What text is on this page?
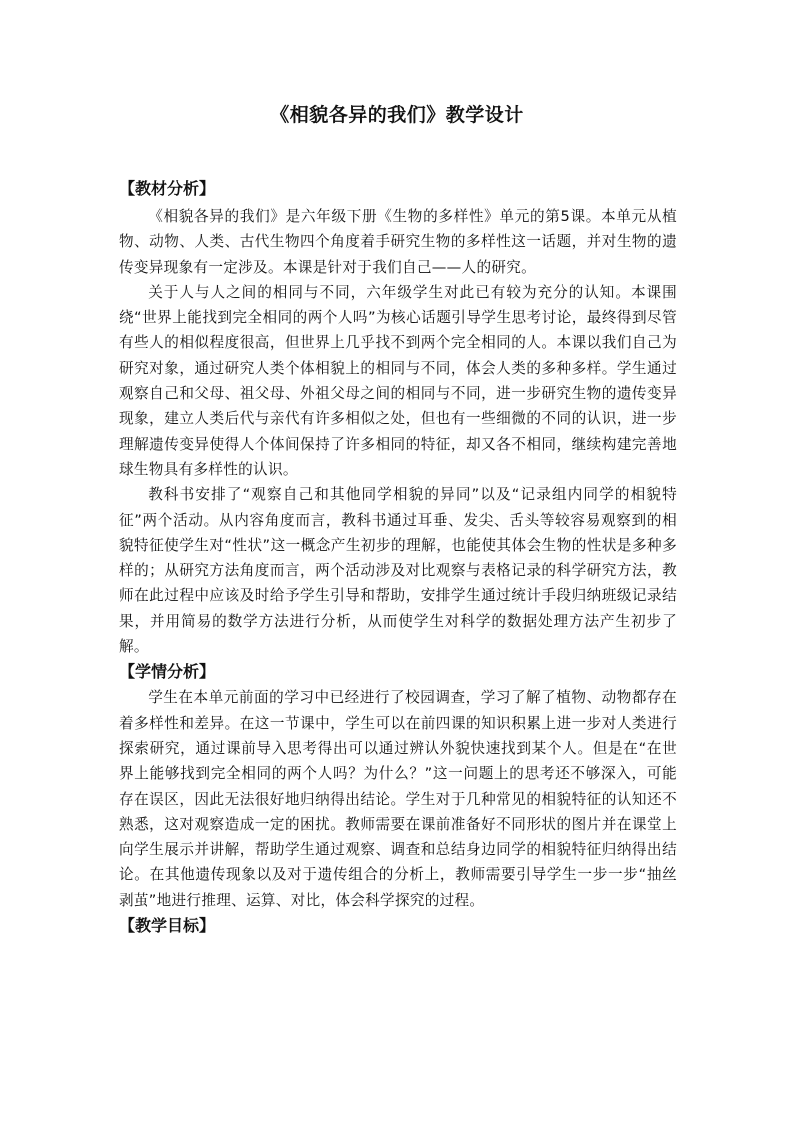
《相貌各异的我们》教学设计
【教材分析】

《相貌各异的我们》是六年级下册《生物的多样性》单元的第5课。本单元从植物、动物、人类、古代生物四个角度着手研究生物的多样性这一话题，并对生物的遗传变异现象有一定涉及。本课是针对于我们自己——人的研究。

关于人与人之间的相同与不同，六年级学生对此已有较为充分的认知。本课围绕“世界上能找到完全相同的两个人吗”为核心话题引导学生思考讨论，最终得到尽管有些人的相似程度很高，但世界上几乎找不到两个完全相同的人。本课以我们自己为研究对象，通过研究人类个体相貌上的相同与不同，体会人类的多种多样。学生通过观察自己和父母、祖父母、外祖父母之间的相同与不同，进一步研究生物的遗传变异现象，建立人类后代与亲代有许多相似之处，但也有一些细微的不同的认识，进一步理解遗传变异使得人个体间保持了许多相同的特征，却又各不相同，继续构建完善地球生物具有多样性的认识。

教科书安排了“观察自己和其他同学相貌的异同”以及“记录组内同学的相貌特征”两个活动。从内容角度而言，教科书通过耳垂、发尖、舌头等较容易观察到的相貌特征使学生对“性状”这一概念产生初步的理解，也能使其体会生物的性状是多种多样的；从研究方法角度而言，两个活动涉及对比观察与表格记录的科学研究方法，教师在此过程中应该及时给予学生引导和帮助，安排学生通过统计手段归纳班级记录结果，并用简易的数学方法进行分析，从而使学生对科学的数据处理方法产生初步了解。

【学情分析】

学生在本单元前面的学习中已经进行了校园调查，学习了解了植物、动物都存在着多样性和差异。在这一节课中，学生可以在前四课的知识积累上进一步对人类进行探索研究，通过课前导入思考得出可以通过辨认外貌快速找到某个人。但是在“在世界上能够找到完全相同的两个人吗？为什么？”这一问题上的思考还不够深入，可能存在误区，因此无法很好地归纳得出结论。学生对于几种常见的相貌特征的认知还不熟悉，这对观察造成一定的困扰。教师需要在课前准备好不同形状的图片并在课堂上向学生展示并讲解，帮助学生通过观察、调查和总结身边同学的相貌特征归纳得出结论。在其他遗传现象以及对于遗传组合的分析上，教师需要引导学生一步一步“抽丝剥茧”地进行推理、运算、对比，体会科学探究的过程。

【教学目标】
